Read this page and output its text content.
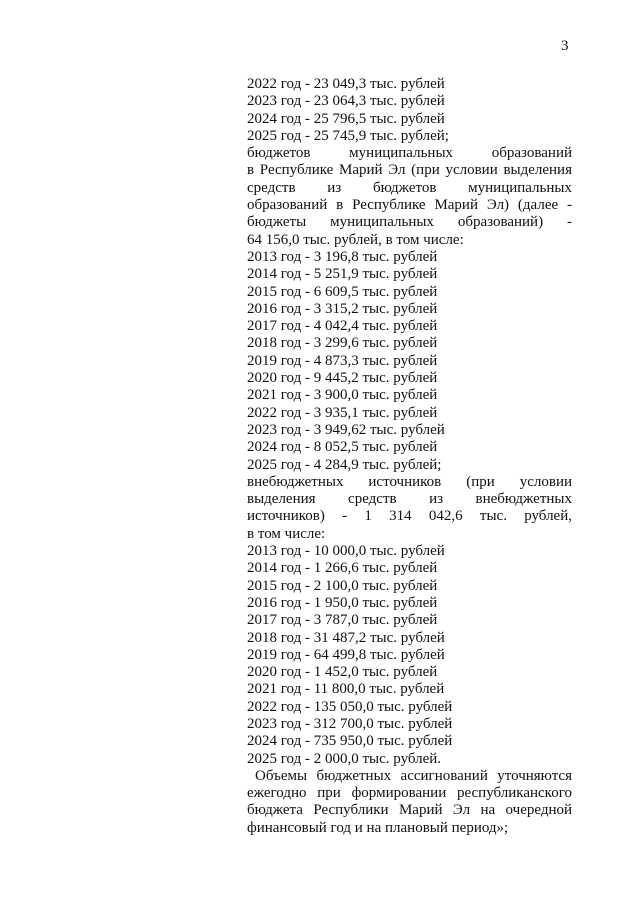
3
2022 год - 23 049,3 тыс. рублей
2023 год - 23 064,3 тыс. рублей
2024 год - 25 796,5 тыс. рублей
2025 год - 25 745,9 тыс. рублей;
бюджетов муниципальных образований
в Республике Марий Эл (при условии выделения
средств из бюджетов муниципальных
образований в Республике Марий Эл) (далее -
бюджеты муниципальных образований) -
64 156,0 тыс. рублей, в том числе:
2013 год - 3 196,8 тыс. рублей
2014 год - 5 251,9 тыс. рублей
2015 год - 6 609,5 тыс. рублей
2016 год - 3 315,2 тыс. рублей
2017 год - 4 042,4 тыс. рублей
2018 год - 3 299,6 тыс. рублей
2019 год - 4 873,3 тыс. рублей
2020 год - 9 445,2 тыс. рублей
2021 год - 3 900,0 тыс. рублей
2022 год - 3 935,1 тыс. рублей
2023 год - 3 949,62 тыс. рублей
2024 год - 8 052,5 тыс. рублей
2025 год - 4 284,9 тыс. рублей;
внебюджетных источников (при условии
выделения средств из внебюджетных
источников) - 1 314 042,6 тыс. рублей,
в том числе:
2013 год - 10 000,0 тыс. рублей
2014 год - 1 266,6 тыс. рублей
2015 год - 2 100,0 тыс. рублей
2016 год - 1 950,0 тыс. рублей
2017 год - 3 787,0 тыс. рублей
2018 год - 31 487,2 тыс. рублей
2019 год - 64 499,8 тыс. рублей
2020 год - 1 452,0 тыс. рублей
2021 год - 11 800,0 тыс. рублей
2022 год - 135 050,0 тыс. рублей
2023 год - 312 700,0 тыс. рублей
2024 год - 735 950,0 тыс. рублей
2025 год - 2 000,0 тыс. рублей.
Объемы бюджетных ассигнований уточняются
ежегодно при формировании республиканского
бюджета Республики Марий Эл на очередной
финансовый год и на плановый период»;
